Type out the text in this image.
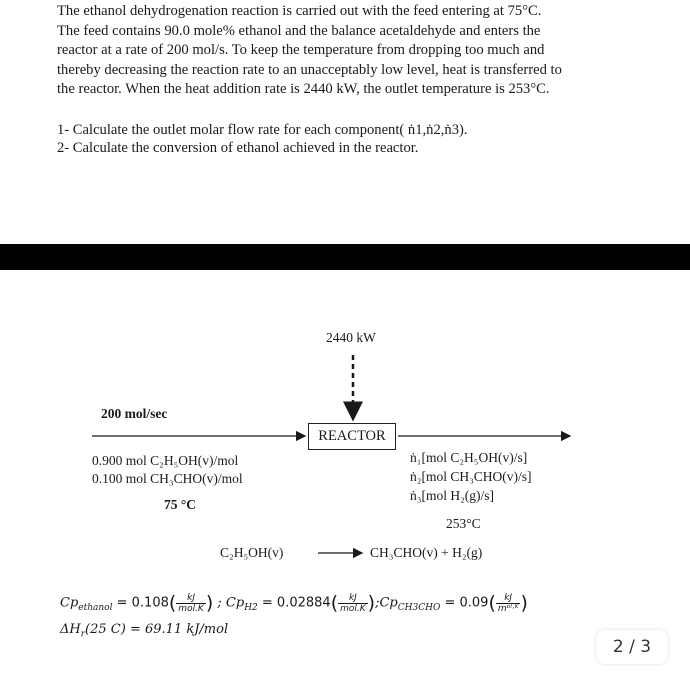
The ethanol dehydrogenation reaction is carried out with the feed entering at 75°C.
The feed contains 90.0 mole% ethanol and the balance acetaldehyde and enters the
reactor at a rate of 200 mol/s. To keep the temperature from dropping too much and
thereby decreasing the reaction rate to an unacceptably low level, heat is transferred to
the reactor. When the heat addition rate is 2440 kW, the outlet temperature is 253°C.
1- Calculate the outlet molar flow rate for each component( ṅ1,ṅ2,ṅ3).
2- Calculate the conversion of ethanol achieved in the reactor.
2440 kW
200 mol/sec
REACTOR
0.900 mol C₂H₅OH(v)/mol
0.100 mol CH₃CHO(v)/mol
75 °C
ṅ₁[mol C₂H₅OH(v)/s]
ṅ₂[mol CH₃CHO(v)/s]
ṅ₃[mol H₂(g)/s]
253°C
C₂H₅OH(v)	CH₃CHO(v) + H₂(g)
$Cp_{ethanol} = 0.108( \frac{kJ}{\text{mol.K}}$ ) ; $Cp_{H2} = 0.02884( \frac{kJ}{\text{mol.K}}$ )$;Cp_{CH3CHO} = 0.09( \frac{kJ}{\text{mᵒˡ·ᴷ}}$ )
$\Delta H_r(25$ C) = 69.11 kJ/mol
2 / 3
